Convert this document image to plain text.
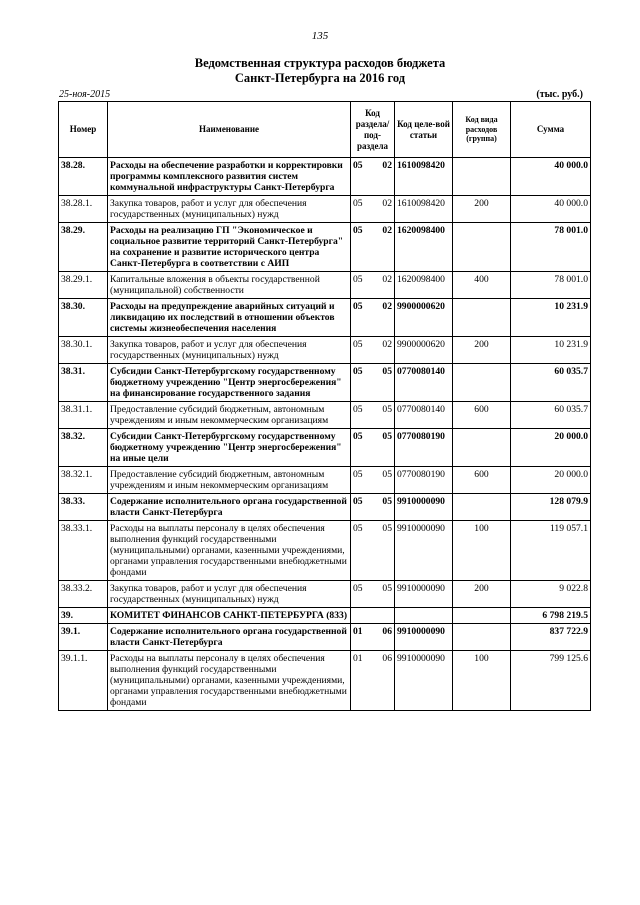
135
Ведомственная структура расходов бюджета
Санкт-Петербурга на 2016 год
25-ноя-2015	(тыс. руб.)
Номер	Наименование	Код раздела/ под-раздела		Код целе-вой статьи	Код вида расходов (группа)	Сумма
38.28.	Расходы на обеспечение разработки и корректировки программы комплексного развития систем коммунальной инфраструктуры Санкт-Петербурга	05	02	1610098420		40 000.0
38.28.1.	Закупка товаров, работ и услуг для обеспечения государственных (муниципальных) нужд	05	02	1610098420	200	40 000.0
38.29.	Расходы на реализацию ГП "Экономическое и социальное развитие территорий Санкт-Петербурга" на сохранение и развитие исторического центра Санкт-Петербурга в соответствии с АИП	05	02	1620098400		78 001.0
38.29.1.	Капитальные вложения в объекты государственной (муниципальной) собственности	05	02	1620098400	400	78 001.0
38.30.	Расходы на предупреждение аварийных ситуаций и ликвидацию их последствий в отношении объектов системы жизнеобеспечения населения	05	02	9900000620		10 231.9
38.30.1.	Закупка товаров, работ и услуг для обеспечения государственных (муниципальных) нужд	05	02	9900000620	200	10 231.9
38.31.	Субсидии Санкт-Петербургскому государственному бюджетному учреждению "Центр энергосбережения" на финансирование государственного задания	05	05	0770080140		60 035.7
38.31.1.	Предоставление субсидий бюджетным, автономным учреждениям и иным некоммерческим организациям	05	05	0770080140	600	60 035.7
38.32.	Субсидии Санкт-Петербургскому государственному бюджетному учреждению "Центр энергосбережения" на иные цели	05	05	0770080190		20 000.0
38.32.1.	Предоставление субсидий бюджетным, автономным учреждениям и иным некоммерческим организациям	05	05	0770080190	600	20 000.0
38.33.	Содержание исполнительного органа государственной власти Санкт-Петербурга	05	05	9910000090		128 079.9
38.33.1.	Расходы на выплаты персоналу в целях обеспечения выполнения функций государственными (муниципальными) органами, казенными учреждениями, органами управления государственными внебюджетными фондами	05	05	9910000090	100	119 057.1
38.33.2.	Закупка товаров, работ и услуг для обеспечения государственных (муниципальных) нужд	05	05	9910000090	200	9 022.8
39.	КОМИТЕТ ФИНАНСОВ САНКТ-ПЕТЕРБУРГА (833)					6 798 219.5
39.1.	Содержание исполнительного органа государственной власти Санкт-Петербурга	01	06	9910000090		837 722.9
39.1.1.	Расходы на выплаты персоналу в целях обеспечения выполнения функций государственными (муниципальными) органами, казенными учреждениями, органами управления государственными внебюджетными фондами	01	06	9910000090	100	799 125.6
